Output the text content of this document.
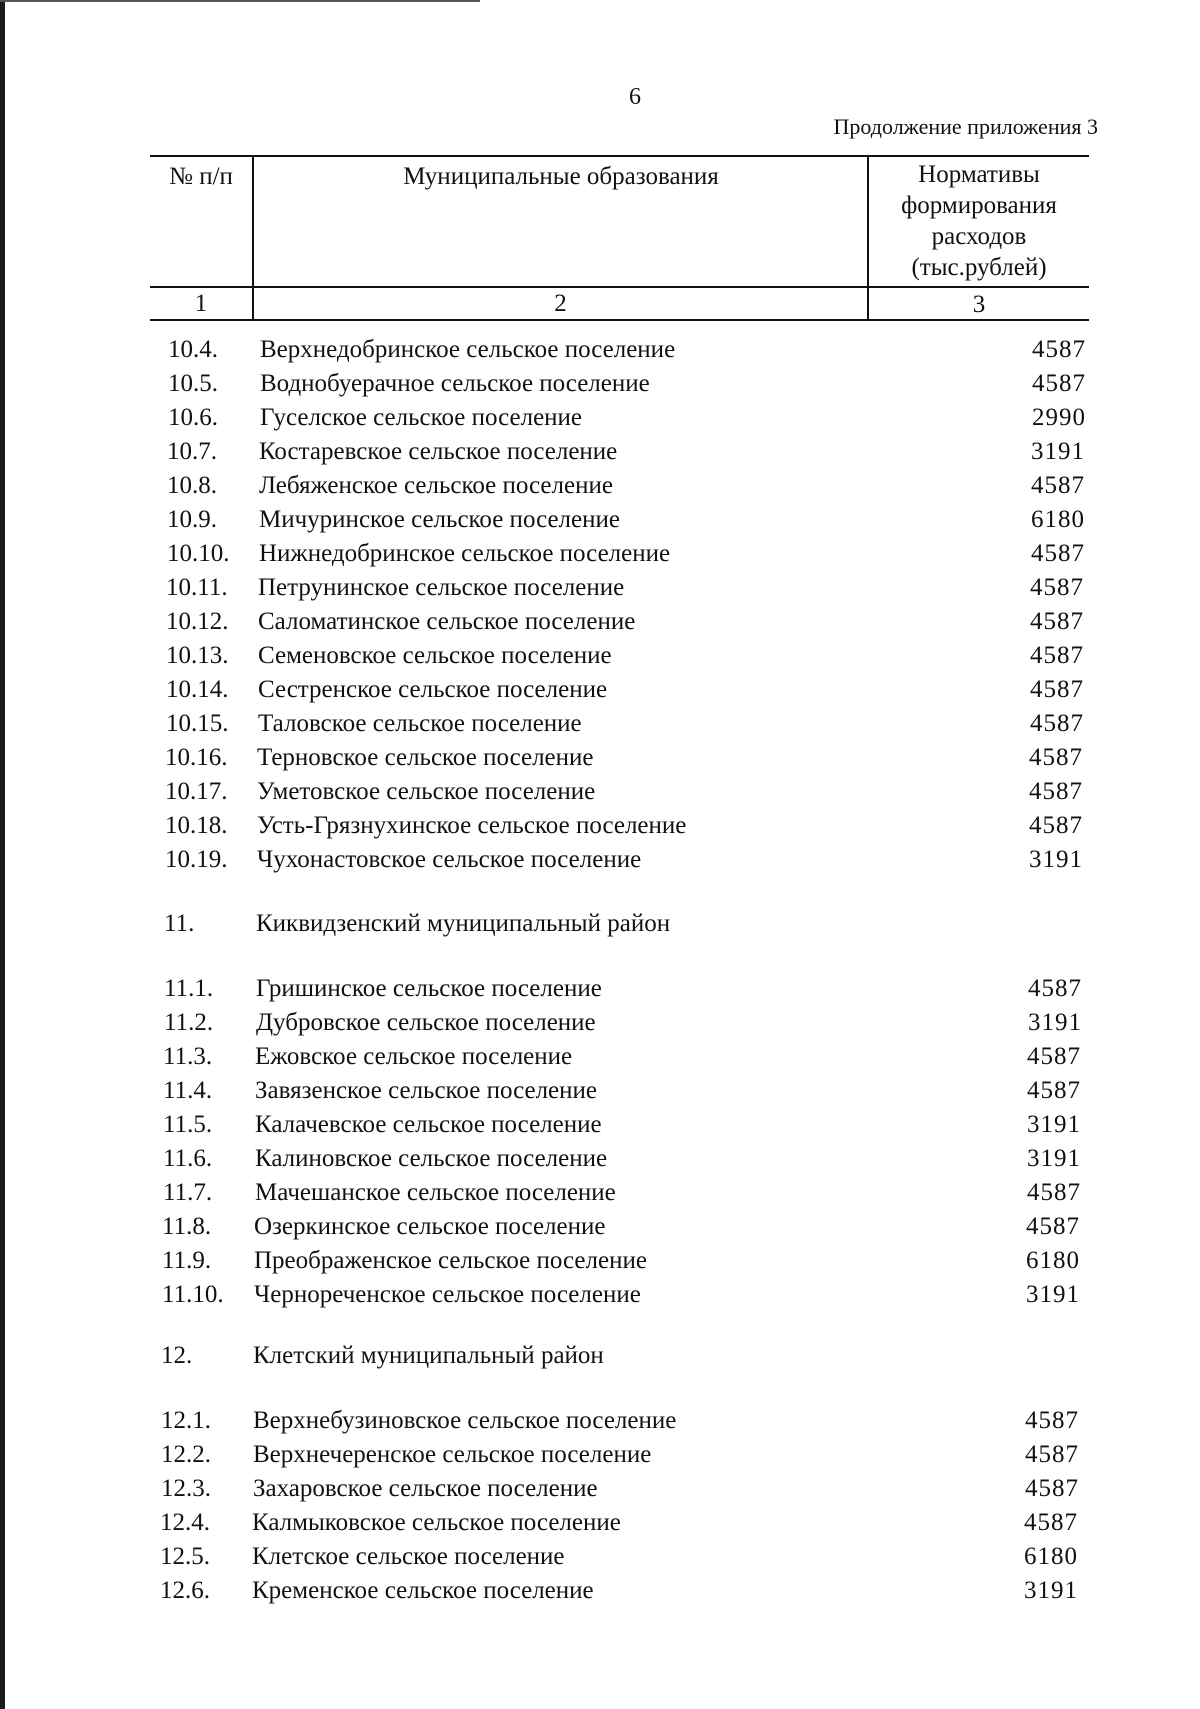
6
Продолжение приложения 3
№ п/п	Муниципальные образования	Нормативы формирования расходов (тыс.рублей)
1	2	3
10.4. Верхнедобринское сельское поселение	4587
10.5. Воднобуерачное сельское поселение	4587
10.6. Гуселское сельское поселение	2990
10.7. Костаревское сельское поселение	3191
10.8. Лебяженское сельское поселение	4587
10.9. Мичуринское сельское поселение	6180
10.10. Нижнедобринское сельское поселение	4587
10.11. Петрунинское сельское поселение	4587
10.12. Саломатинское сельское поселение	4587
10.13. Семеновское сельское поселение	4587
10.14. Сестренское сельское поселение	4587
10.15. Таловское сельское поселение	4587
10.16. Терновское сельское поселение	4587
10.17. Уметовское сельское поселение	4587
10.18. Усть-Грязнухинское сельское поселение	4587
10.19. Чухонастовское сельское поселение	3191
11. Киквидзенский муниципальный район
11.1. Гришинское сельское поселение	4587
11.2. Дубровское сельское поселение	3191
11.3. Ежовское сельское поселение	4587
11.4. Завязенское сельское поселение	4587
11.5. Калачевское сельское поселение	3191
11.6. Калиновское сельское поселение	3191
11.7. Мачешанское сельское поселение	4587
11.8. Озеркинское сельское поселение	4587
11.9. Преображенское сельское поселение	6180
11.10. Чернореченское сельское поселение	3191
12. Клетский муниципальный район
12.1. Верхнебузиновское сельское поселение	4587
12.2. Верхнечеренское сельское поселение	4587
12.3. Захаровское сельское поселение	4587
12.4. Калмыковское сельское поселение	4587
12.5. Клетское сельское поселение	6180
12.6. Кременское сельское поселение	3191
